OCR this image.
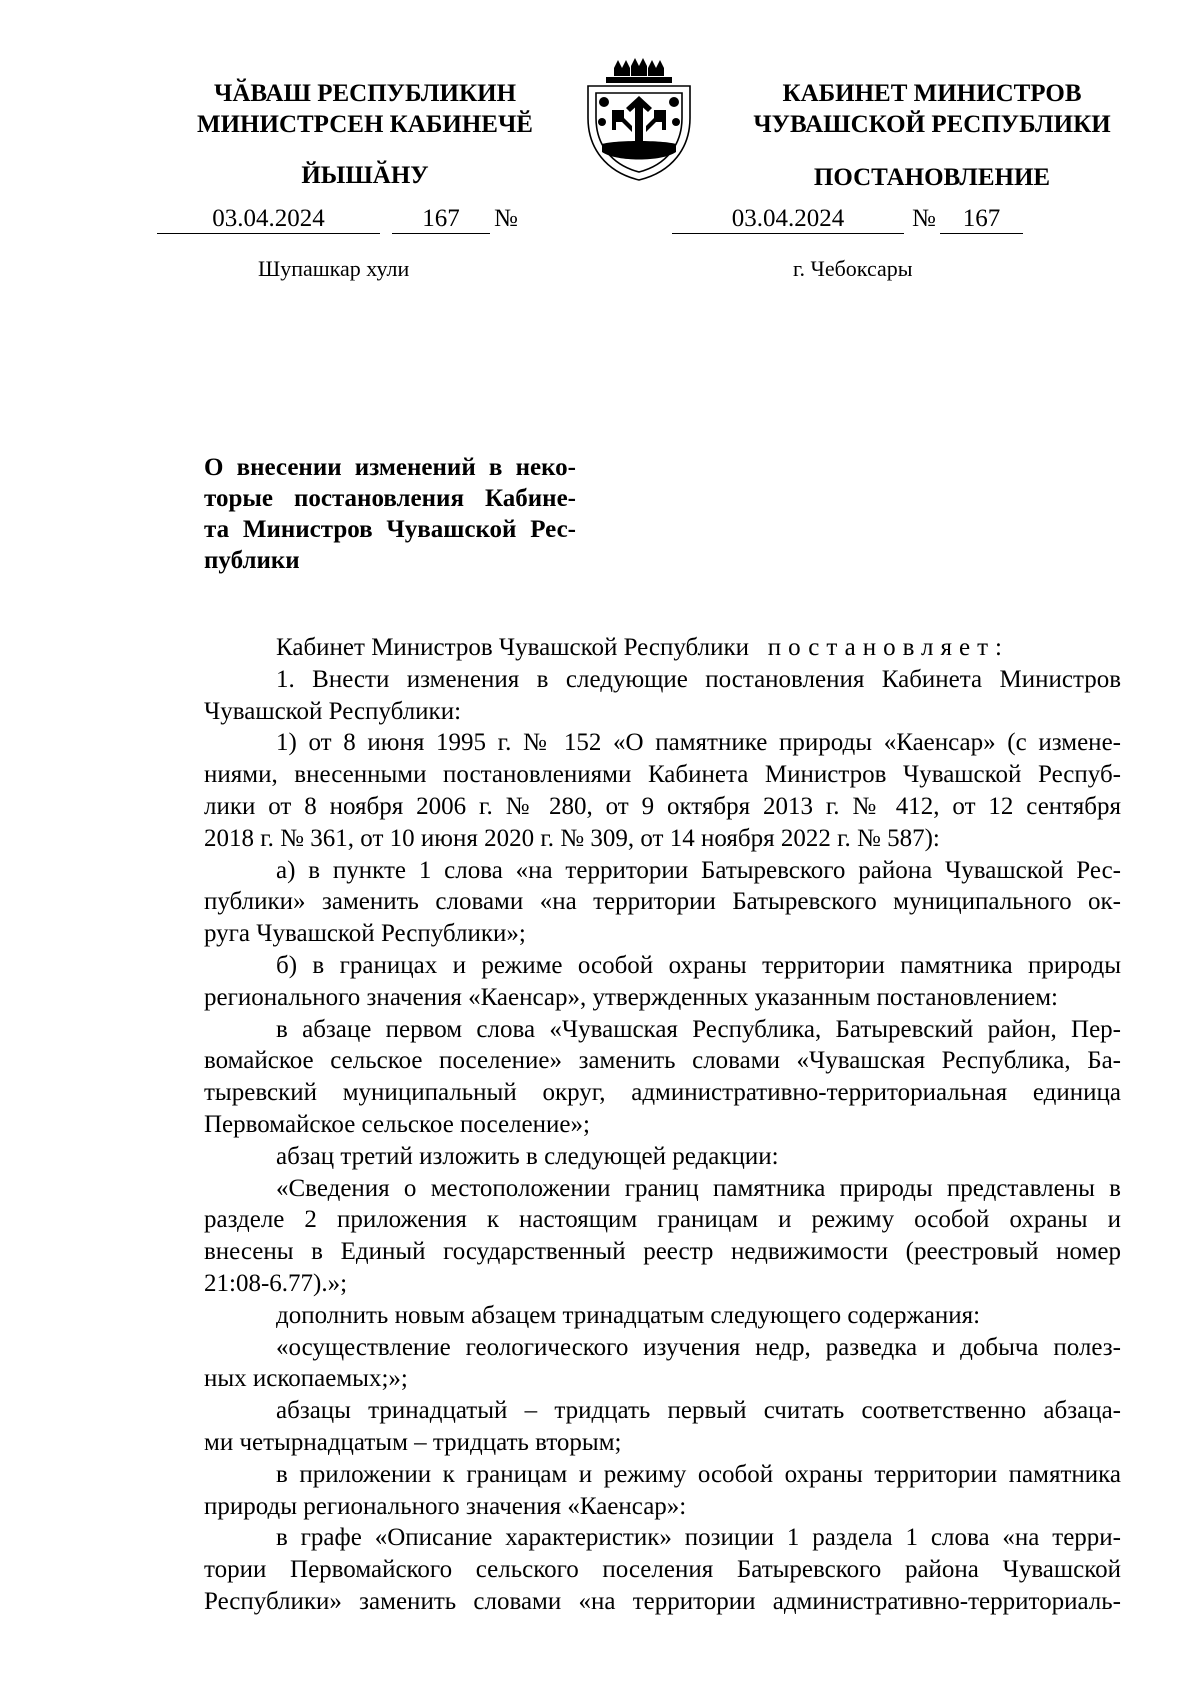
ЧӐВАШ РЕСПУБЛИКИН
МИНИСТРСЕН КАБИНЕЧӖ
ЙЫШӐНУ
КАБИНЕТ МИНИСТРОВ
ЧУВАШСКОЙ РЕСПУБЛИКИ
ПОСТАНОВЛЕНИЕ
03.04.2024	167	№	03.04.2024	№	167
Шупашкар хули	г. Чебоксары
О внесении изменений в неко-
торые постановления Кабине-
та Министров Чувашской Рес-
публики
Кабинет Министров Чувашской Республики постановляет:
1. Внести изменения в следующие постановления Кабинета Министров
Чувашской Республики:
1) от 8 июня 1995 г. № 152 «О памятнике природы «Каенсар» (с измене-
ниями, внесенными постановлениями Кабинета Министров Чувашской Респуб-
лики от 8 ноября 2006 г. № 280, от 9 октября 2013 г. № 412, от 12 сентября
2018 г. № 361, от 10 июня 2020 г. № 309, от 14 ноября 2022 г. № 587):
а) в пункте 1 слова «на территории Батыревского района Чувашской Рес-
публики» заменить словами «на территории Батыревского муниципального ок-
руга Чувашской Республики»;
б) в границах и режиме особой охраны территории памятника природы
регионального значения «Каенсар», утвержденных указанным постановлением:
в абзаце первом слова «Чувашская Республика, Батыревский район, Пер-
вомайское сельское поселение» заменить словами «Чувашская Республика, Ба-
тыревский муниципальный округ, административно-территориальная единица
Первомайское сельское поселение»;
абзац третий изложить в следующей редакции:
«Сведения о местоположении границ памятника природы представлены в
разделе 2 приложения к настоящим границам и режиму особой охраны и
внесены в Единый государственный реестр недвижимости (реестровый номер
21:08-6.77).»;
дополнить новым абзацем тринадцатым следующего содержания:
«осуществление геологического изучения недр, разведка и добыча полез-
ных ископаемых;»;
абзацы тринадцатый – тридцать первый считать соответственно абзаца-
ми четырнадцатым – тридцать вторым;
в приложении к границам и режиму особой охраны территории памятника
природы регионального значения «Каенсар»:
в графе «Описание характеристик» позиции 1 раздела 1 слова «на терри-
тории Первомайского сельского поселения Батыревского района Чувашской
Республики» заменить словами «на территории административно-территориаль-
